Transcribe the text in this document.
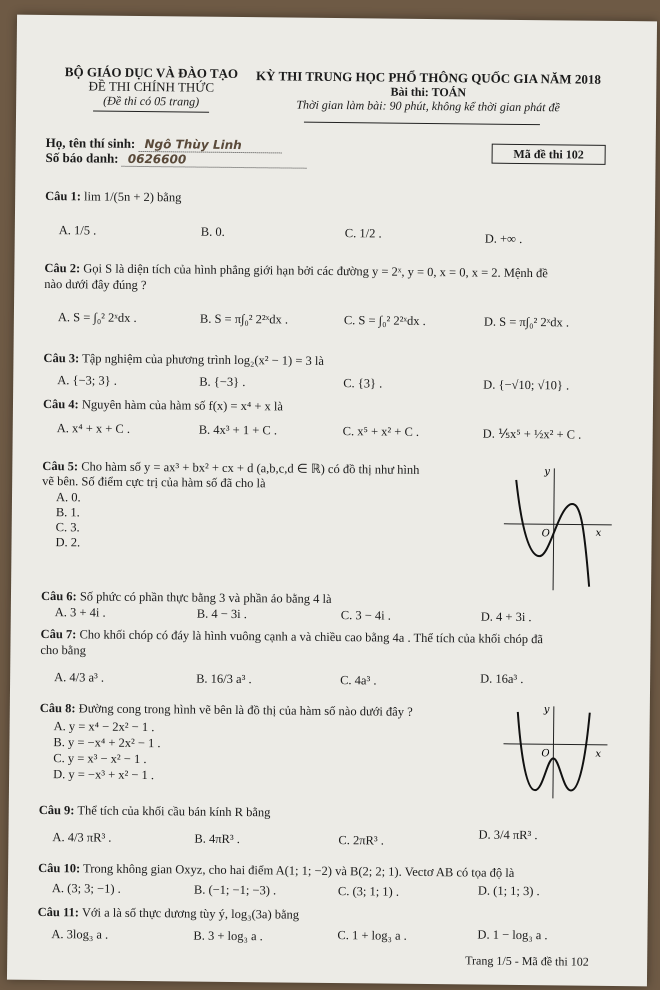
BỘ GIÁO DỤC VÀ ĐÀO TẠO
ĐỀ THI CHÍNH THỨC
(Đề thi có 05 trang)
KỲ THI TRUNG HỌC PHỔ THÔNG QUỐC GIA NĂM 2018
Bài thi: TOÁN
Thời gian làm bài: 90 phút, không kể thời gian phát đề
Họ, tên thí sinh: Ngô Thùy Linh
Số báo danh: 0626600	Mã đề thi 102
Câu 1: lim 1/(5n + 2) bằng
A. 1/5 .	B. 0.	C. 1/2 .	D. +∞ .
Câu 2: Gọi S là diện tích của hình phẳng giới hạn bởi các đường y = 2ˣ, y = 0, x = 0, x = 2. Mệnh đề
nào dưới đây đúng ?
A. S = ∫₀² 2ˣdx .	B. S = π∫₀² 2²ˣdx .	C. S = ∫₀² 2²ˣdx .	D. S = π∫₀² 2ˣdx .
Câu 3: Tập nghiệm của phương trình log₂(x² − 1) = 3 là
A. {−3; 3} .	B. {−3} .	C. {3} .	D. {−√10; √10} .
Câu 4: Nguyên hàm của hàm số f(x) = x⁴ + x là
A. x⁴ + x + C .	B. 4x³ + 1 + C .	C. x⁵ + x² + C .	D. ⅕x⁵ + ½x² + C .
Câu 5: Cho hàm số y = ax³ + bx² + cx + d (a,b,c,d ∈ ℝ) có đồ thị như hình
vẽ bên. Số điểm cực trị của hàm số đã cho là
A. 0.
B. 1.
C. 3.
D. 2.
y
x
O
Câu 6: Số phức có phần thực bằng 3 và phần ảo bằng 4 là
A. 3 + 4i .	B. 4 − 3i .	C. 3 − 4i .	D. 4 + 3i .
Câu 7: Cho khối chóp có đáy là hình vuông cạnh a và chiều cao bằng 4a . Thể tích của khối chóp đã
cho bằng
A. 4/3 a³ .	B. 16/3 a³ .	C. 4a³ .	D. 16a³ .
Câu 8: Đường cong trong hình vẽ bên là đồ thị của hàm số nào dưới đây ?
A. y = x⁴ − 2x² − 1 .
B. y = −x⁴ + 2x² − 1 .
C. y = x³ − x² − 1 .
D. y = −x³ + x² − 1 .
y
x
O
Câu 9: Thể tích của khối cầu bán kính R bằng
A. 4/3 πR³ .	B. 4πR³ .	C. 2πR³ .	D. 3/4 πR³ .
Câu 10: Trong không gian Oxyz, cho hai điểm A(1; 1; −2) và B(2; 2; 1). Vectơ AB có tọa độ là
A. (3; 3; −1) .	B. (−1; −1; −3) .	C. (3; 1; 1) .	D. (1; 1; 3) .
Câu 11: Với a là số thực dương tùy ý, log₃(3a) bằng
A. 3log₃ a .	B. 3 + log₃ a .	C. 1 + log₃ a .	D. 1 − log₃ a .
Trang 1/5 - Mã đề thi 102
